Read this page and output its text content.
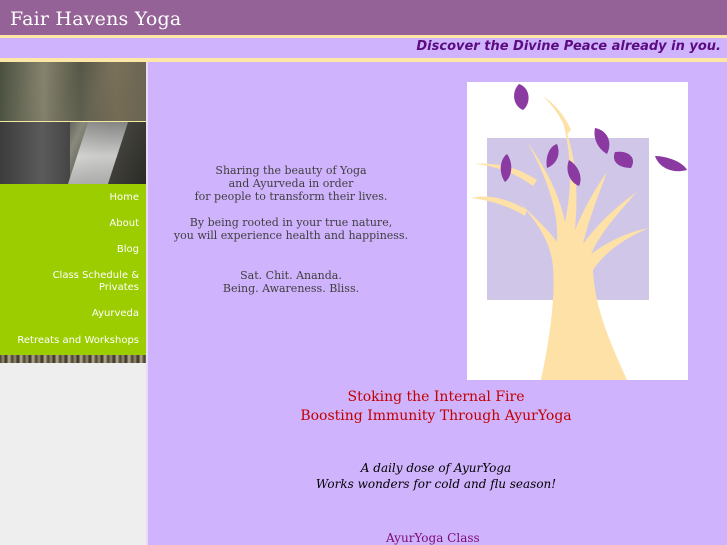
Fair Havens Yoga
Discover the Divine Peace already in you.
Home
About
Blog
Class Schedule &
Privates
Ayurveda
Retreats and Workshops
Sharing the beauty of Yoga
and Ayurveda in order
for people to transform their lives.
By being rooted in your true nature,
you will experience health and happiness.
Sat. Chit. Ananda.
Being. Awareness. Bliss.
Stoking the Internal Fire
Boosting Immunity Through AyurYoga
A daily dose of AyurYoga
Works wonders for cold and flu season!
AyurYoga Class
